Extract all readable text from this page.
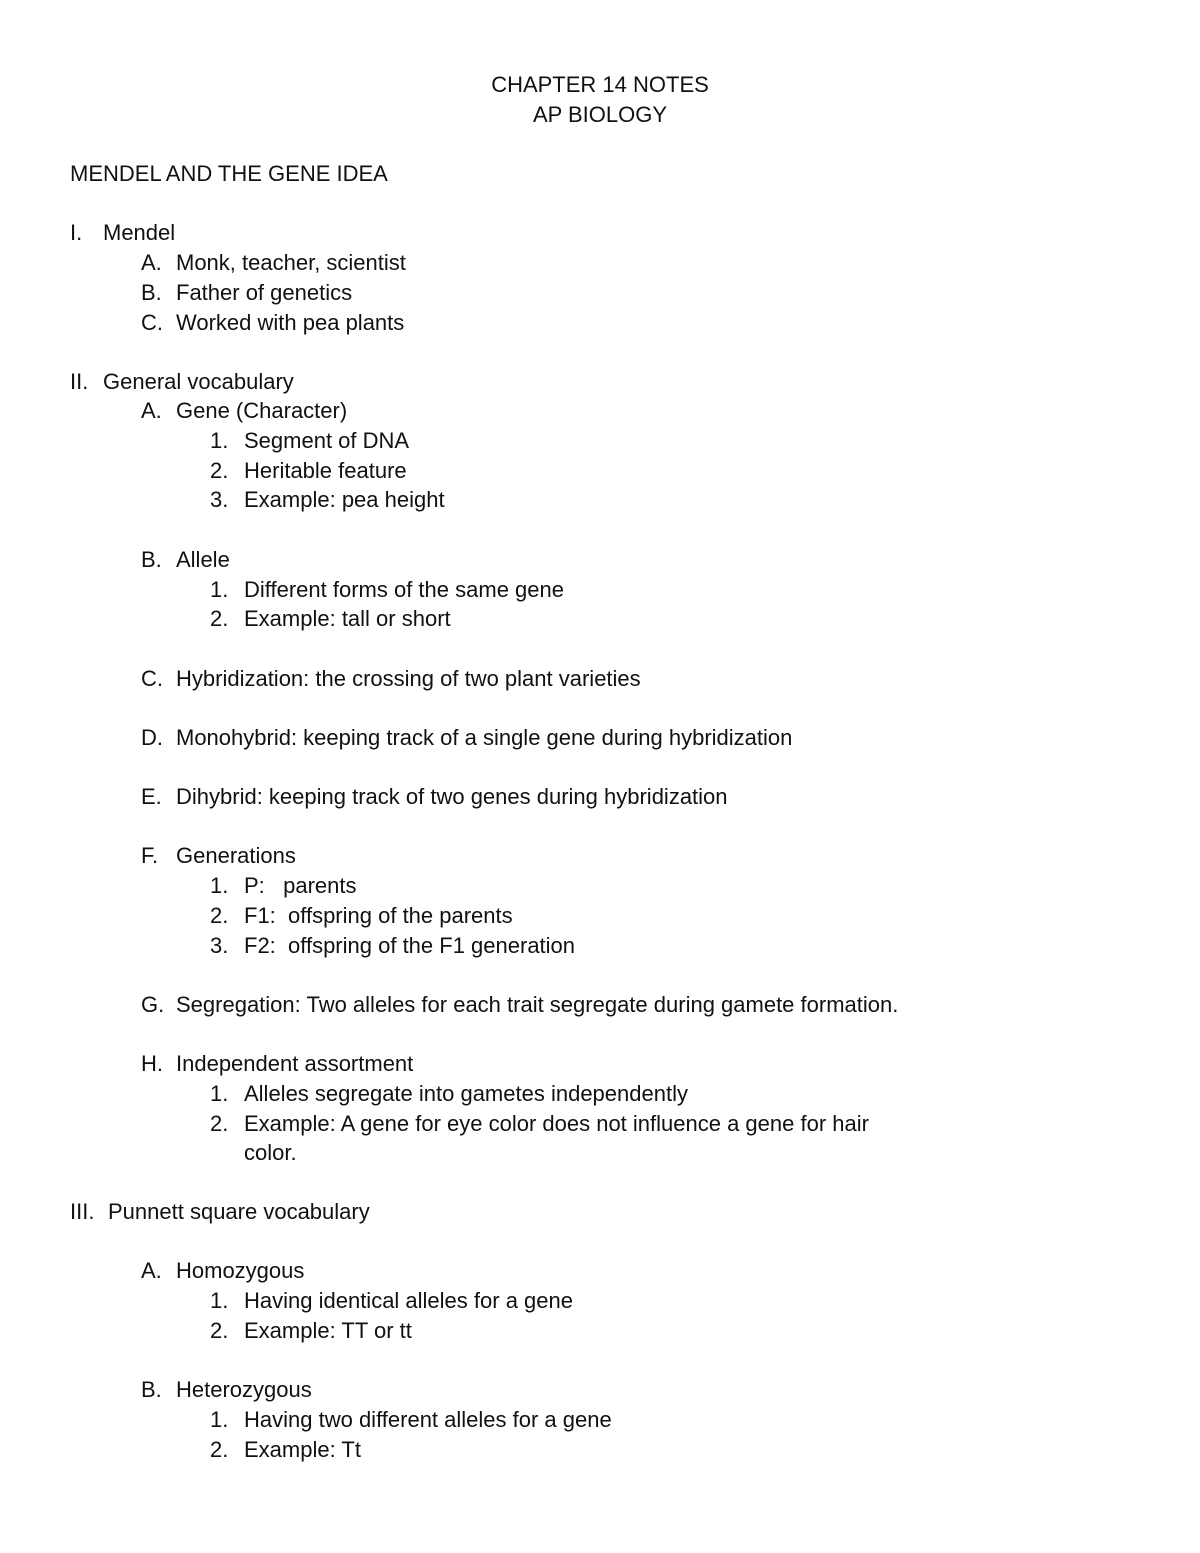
CHAPTER 14 NOTES
AP BIOLOGY
MENDEL AND THE GENE IDEA
I. Mendel
A. Monk, teacher, scientist
B. Father of genetics
C. Worked with pea plants
II. General vocabulary
A. Gene (Character)
1. Segment of DNA
2. Heritable feature
3. Example: pea height
B. Allele
1. Different forms of the same gene
2. Example: tall or short
C. Hybridization: the crossing of two plant varieties
D. Monohybrid: keeping track of a single gene during hybridization
E. Dihybrid: keeping track of two genes during hybridization
F. Generations
1. P:   parents
2. F1:  offspring of the parents
3. F2:  offspring of the F1 generation
G. Segregation: Two alleles for each trait segregate during gamete formation.
H. Independent assortment
1. Alleles segregate into gametes independently
2. Example: A gene for eye color does not influence a gene for hair
color.
III. Punnett square vocabulary
A. Homozygous
1. Having identical alleles for a gene
2. Example: TT or tt
B. Heterozygous
1. Having two different alleles for a gene
2. Example: Tt
